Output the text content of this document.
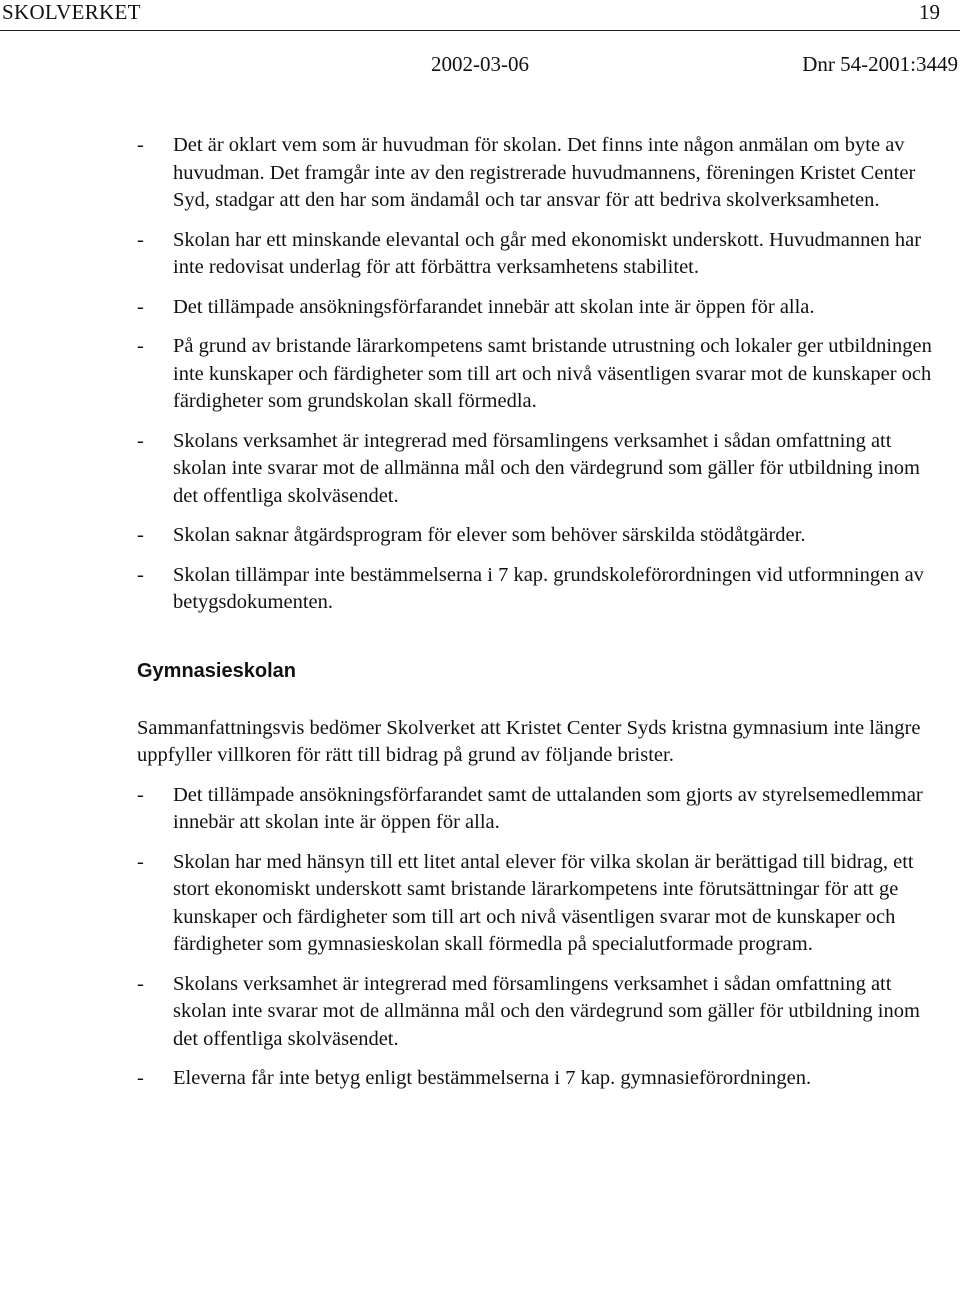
SKOLVERKET	19
2002-03-06	Dnr 54-2001:3449
- Det är oklart vem som är huvudman för skolan. Det finns inte någon anmälan om byte av huvudman. Det framgår inte av den registrerade huvudmannens, föreningen Kristet Center Syd, stadgar att den har som ändamål och tar ansvar för att bedriva skolverksamheten.
- Skolan har ett minskande elevantal och går med ekonomiskt underskott. Huvudmannen har inte redovisat underlag för att förbättra verksamhetens stabilitet.
- Det tillämpade ansökningsförfarandet innebär att skolan inte är öppen för alla.
- På grund av bristande lärarkompetens samt bristande utrustning och lokaler ger utbildningen inte kunskaper och färdigheter som till art och nivå väsentligen svarar mot de kunskaper och färdigheter som grundskolan skall förmedla.
- Skolans verksamhet är integrerad med församlingens verksamhet i sådan omfattning att skolan inte svarar mot de allmänna mål och den värdegrund som gäller för utbildning inom det offentliga skolväsendet.
- Skolan saknar åtgärdsprogram för elever som behöver särskilda stödåtgärder.
- Skolan tillämpar inte bestämmelserna i 7 kap. grundskoleförordningen vid utformningen av betygsdokumenten.
Gymnasieskolan

Sammanfattningsvis bedömer Skolverket att Kristet Center Syds kristna gymnasium inte längre uppfyller villkoren för rätt till bidrag på grund av följande brister.

- Det tillämpade ansökningsförfarandet samt de uttalanden som gjorts av styrelsemedlemmar innebär att skolan inte är öppen för alla.
- Skolan har med hänsyn till ett litet antal elever för vilka skolan är berättigad till bidrag, ett stort ekonomiskt underskott samt bristande lärarkompetens inte förutsättningar för att ge kunskaper och färdigheter som till art och nivå väsentligen svarar mot de kunskaper och färdigheter som gymnasieskolan skall förmedla på specialutformade program.
- Skolans verksamhet är integrerad med församlingens verksamhet i sådan omfattning att skolan inte svarar mot de allmänna mål och den värdegrund som gäller för utbildning inom det offentliga skolväsendet.
- Eleverna får inte betyg enligt bestämmelserna i 7 kap. gymnasieförordningen.
